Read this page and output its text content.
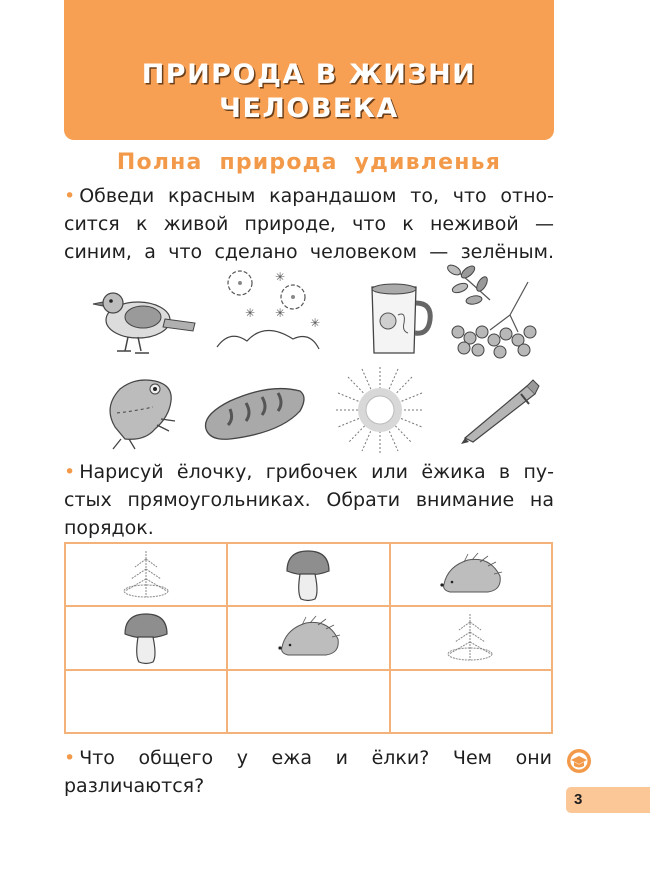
ПРИРОДА В ЖИЗНИ
ЧЕЛОВЕКА
Полна природа удивленья
• Обведи красным карандашом то, что отно-
сится к живой природе, что к неживой —
синим, а что сделано человеком — зелёным.
✳
✳ ✳
✳
• Нарисуй ёлочку, грибочек или ёжика в пу-
стых прямоугольниках. Обрати внимание на
порядок.
• Что общего у ежа и ёлки? Чем они
различаются?
3
